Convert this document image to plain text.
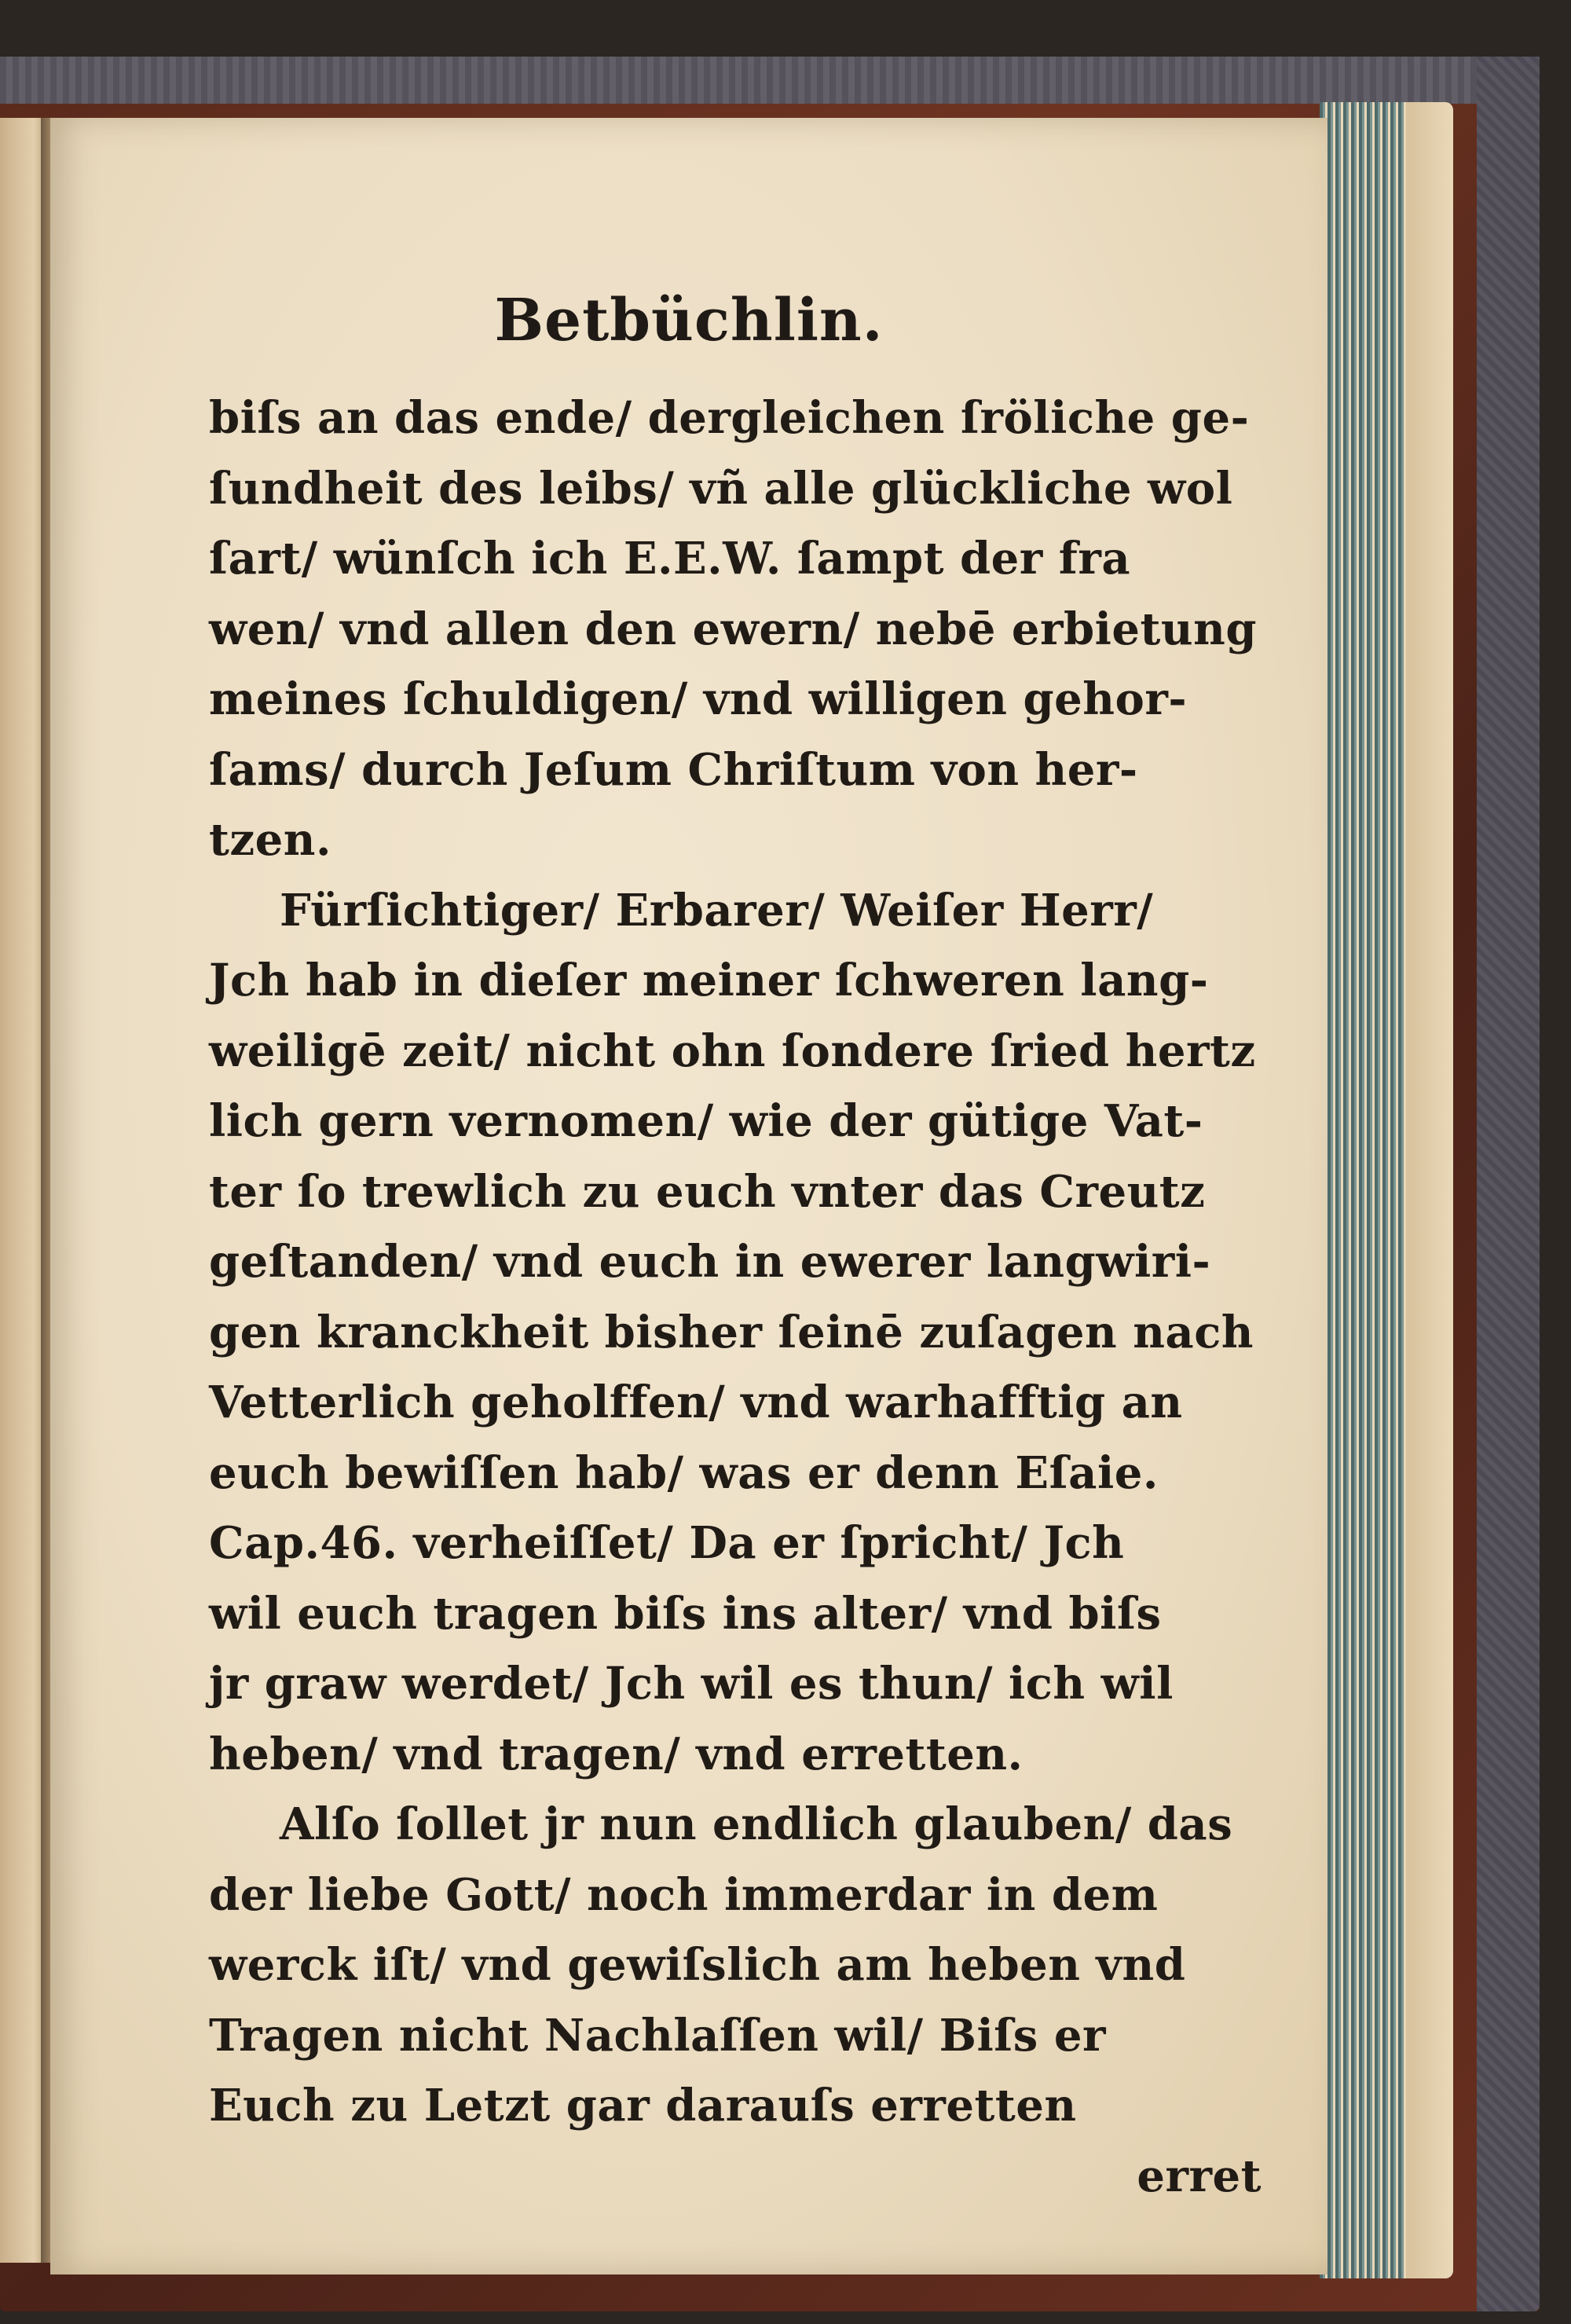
Betbüchlin.
biſs an das ende/ dergleichen ſröliche ge-
ſundheit des leibs/ vñ alle glückliche wol
ſart/ wünſch ich E.E.W. ſampt der fra
wen/ vnd allen den ewern/ nebē erbietung
meines ſchuldigen/ vnd willigen gehor-
ſams/ durch Jeſum Chriſtum von her-
tzen.
Fürſichtiger/ Erbarer/ Weiſer Herr/
Jch hab in dieſer meiner ſchweren lang-
weiligē zeit/ nicht ohn ſondere ſried hertz
lich gern vernomen/ wie der gütige Vat-
ter ſo trewlich zu euch vnter das Creutz
geſtanden/ vnd euch in ewerer langwiri-
gen kranckheit bisher ſeinē zuſagen nach
Vetterlich geholffen/ vnd warhafftig an
euch bewiſſen hab/ was er denn Eſaie.
Cap.46. verheiſſet/ Da er ſpricht/ Jch
wil euch tragen biſs ins alter/ vnd biſs
jr graw werdet/ Jch wil es thun/ ich wil
heben/ vnd tragen/ vnd erretten.
Alſo ſollet jr nun endlich glauben/ das
der liebe Gott/ noch immerdar in dem
werck iſt/ vnd gewiſslich am heben vnd
Tragen nicht Nachlaſſen wil/ Biſs er
Euch zu Letzt gar darauſs erretten
erret
